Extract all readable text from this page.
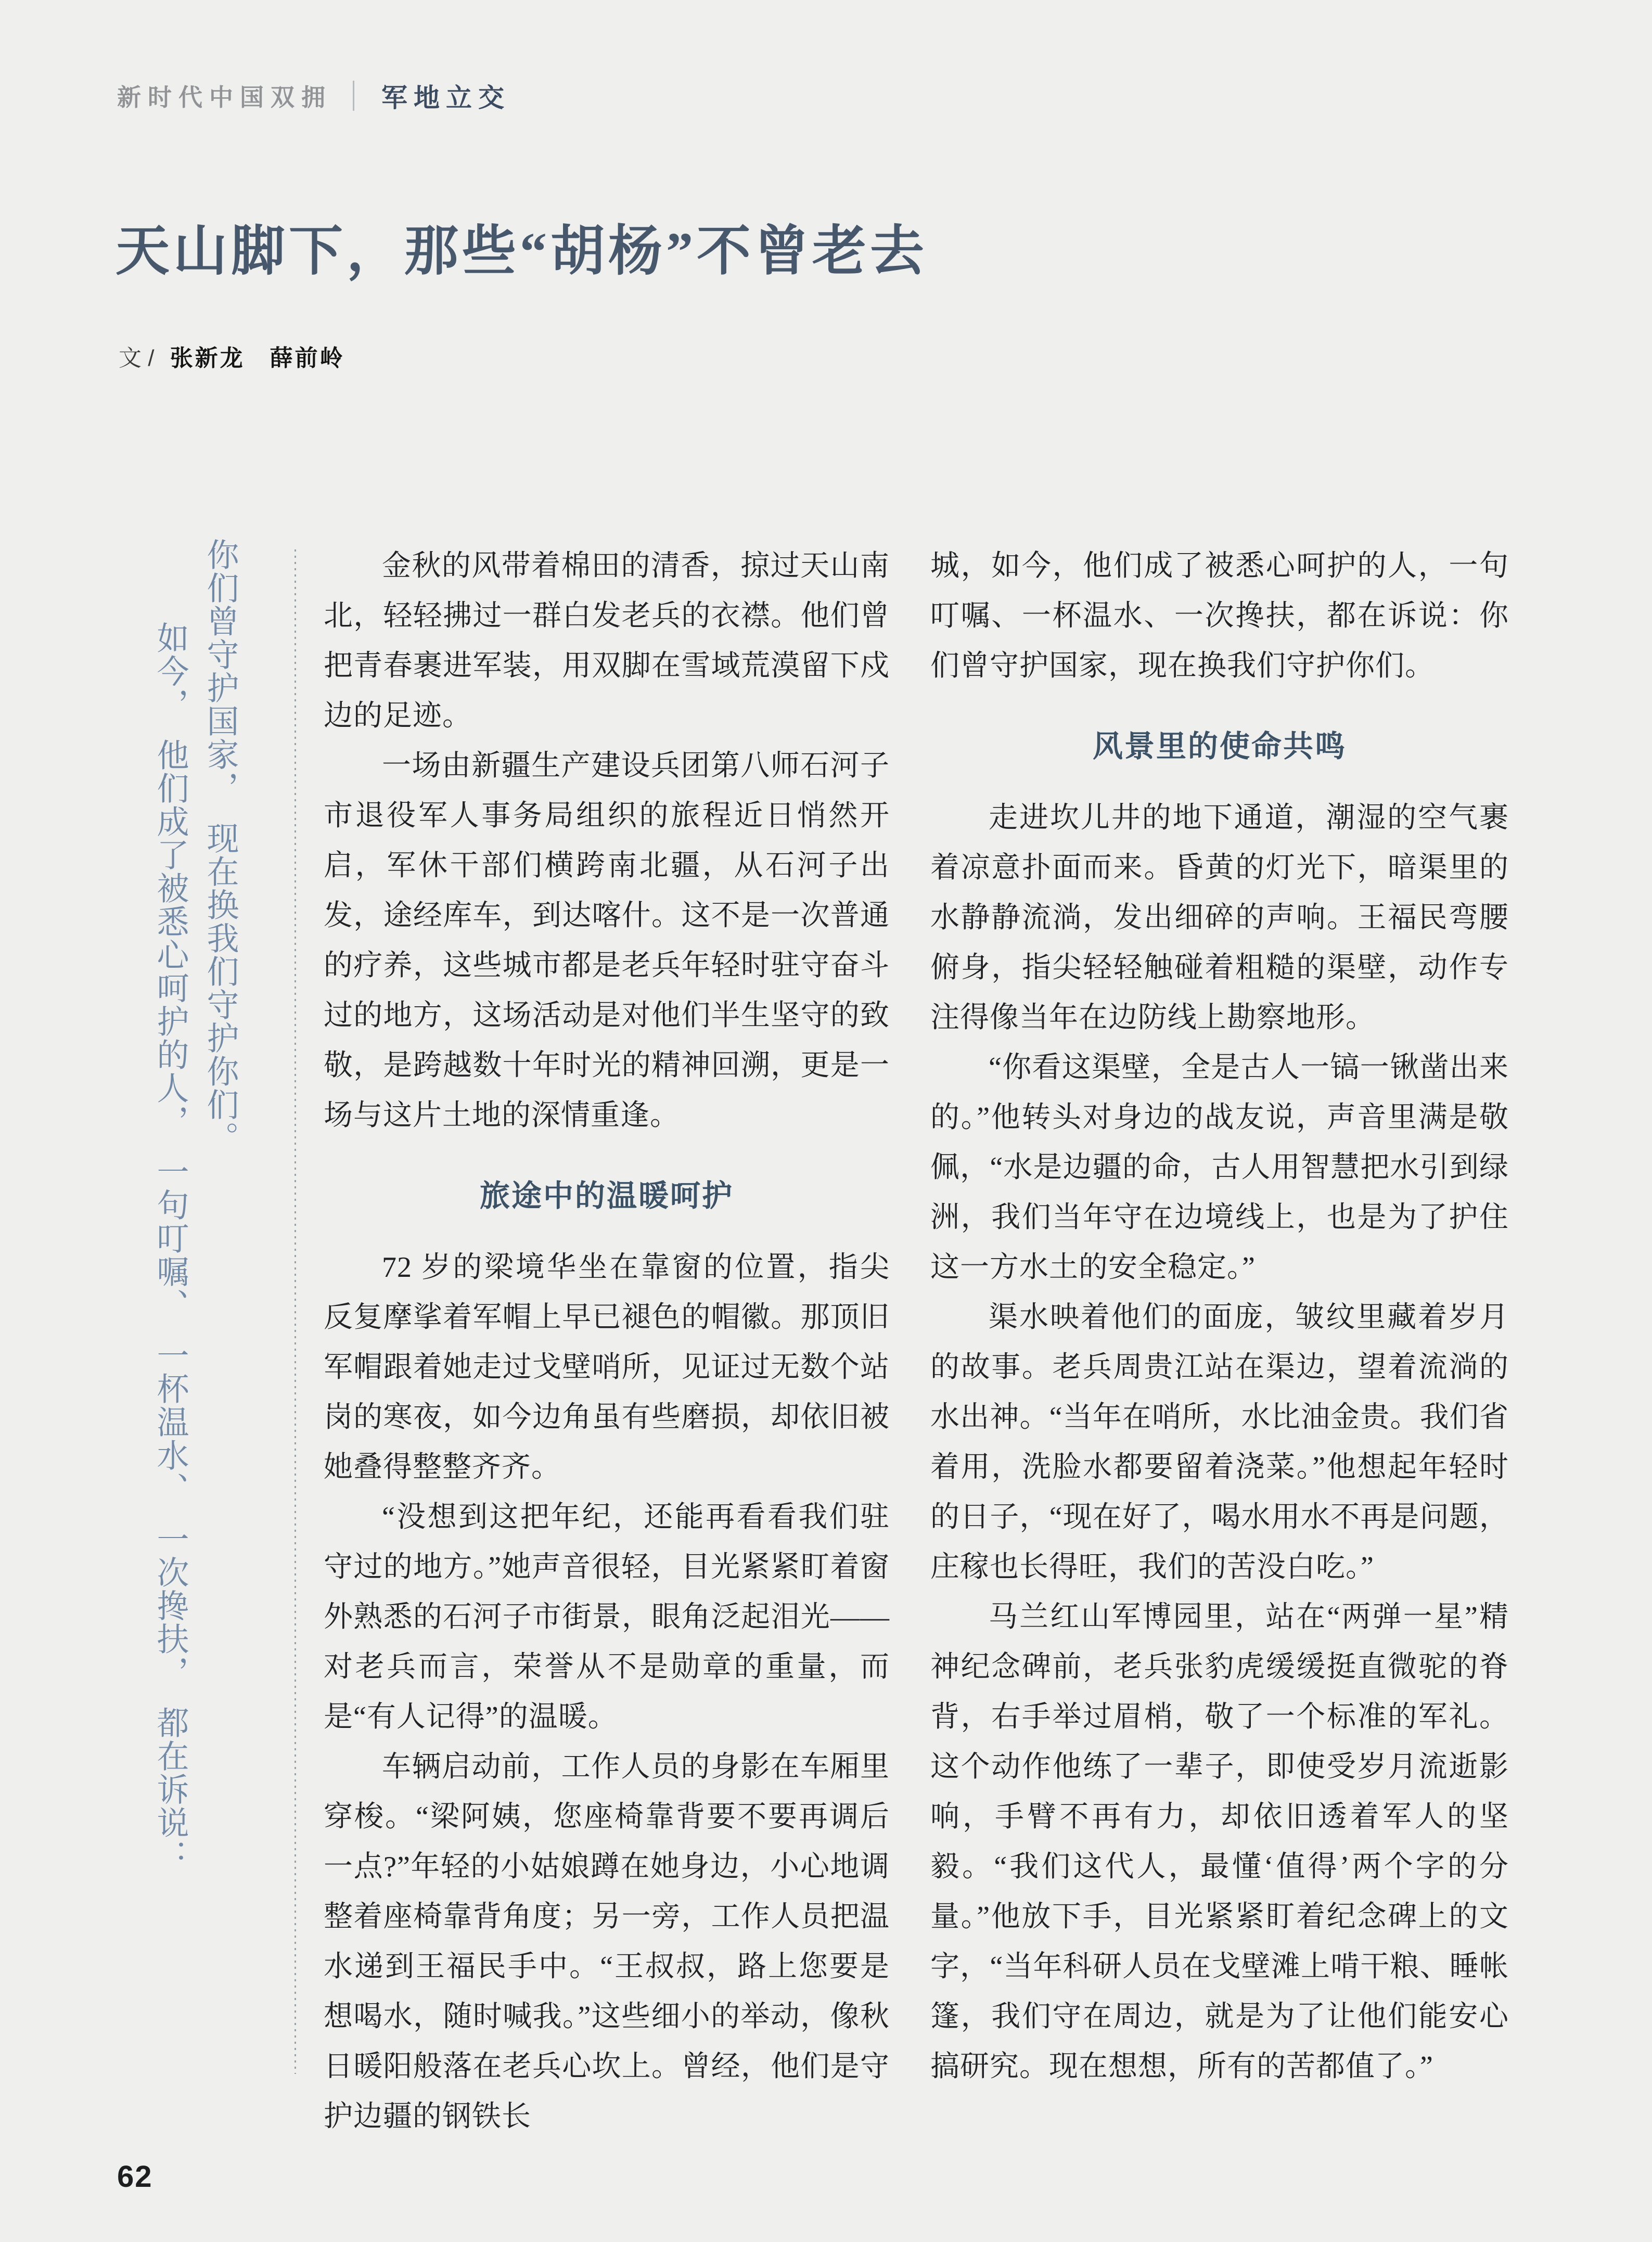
新时代中国双拥 军地立交
天山脚下，那些“胡杨”不曾老去
文 / 张新龙　薛前岭
你们曾守护国家，　现在换我们守护你们。
如今，　他们成了被悉心呵护的人，　一句叮嘱、　一杯温水、　一次搀扶，　都在诉说：

金秋的风带着棉田的清香，掠过天山南北，轻轻拂过一群白发老兵的衣襟。他们曾把青春裹进军装，用双脚在雪域荒漠留下戍边的足迹。

一场由新疆生产建设兵团第八师石河子市退役军人事务局组织的旅程近日悄然开启，军休干部们横跨南北疆，从石河子出发，途经库车，到达喀什。这不是一次普通的疗养，这些城市都是老兵年轻时驻守奋斗过的地方，这场活动是对他们半生坚守的致敬，是跨越数十年时光的精神回溯，更是一场与这片土地的深情重逢。

旅途中的温暖呵护

72 岁的梁境华坐在靠窗的位置，指尖反复摩挲着军帽上早已褪色的帽徽。那顶旧军帽跟着她走过戈壁哨所，见证过无数个站岗的寒夜，如今边角虽有些磨损，却依旧被她叠得整整齐齐。

“没想到这把年纪，还能再看看我们驻守过的地方。”她声音很轻，目光紧紧盯着窗外熟悉的石河子市街景，眼角泛起泪光——对老兵而言，荣誉从不是勋章的重量，而是“有人记得”的温暖。

车辆启动前，工作人员的身影在车厢里穿梭。“梁阿姨，您座椅靠背要不要再调后一点?”年轻的小姑娘蹲在她身边，小心地调整着座椅靠背角度；另一旁，工作人员把温水递到王福民手中。“王叔叔，路上您要是想喝水，随时喊我。”这些细小的举动，像秋日暖阳般落在老兵心坎上。曾经，他们是守护边疆的钢铁长

城，如今，他们成了被悉心呵护的人，一句叮嘱、一杯温水、一次搀扶，都在诉说：你们曾守护国家，现在换我们守护你们。

风景里的使命共鸣

走进坎儿井的地下通道，潮湿的空气裹着凉意扑面而来。昏黄的灯光下，暗渠里的水静静流淌，发出细碎的声响。王福民弯腰俯身，指尖轻轻触碰着粗糙的渠壁，动作专注得像当年在边防线上勘察地形。

“你看这渠壁，全是古人一镐一锹凿出来的。”他转头对身边的战友说，声音里满是敬佩，“水是边疆的命，古人用智慧把水引到绿洲，我们当年守在边境线上，也是为了护住这一方水土的安全稳定。”

渠水映着他们的面庞，皱纹里藏着岁月的故事。老兵周贵江站在渠边，望着流淌的水出神。“当年在哨所，水比油金贵。我们省着用，洗脸水都要留着浇菜。”他想起年轻时的日子，“现在好了，喝水用水不再是问题，庄稼也长得旺，我们的苦没白吃。”

马兰红山军博园里，站在“两弹一星”精神纪念碑前，老兵张豹虎缓缓挺直微驼的脊背，右手举过眉梢，敬了一个标准的军礼。这个动作他练了一辈子，即使受岁月流逝影响，手臂不再有力，却依旧透着军人的坚毅。“我们这代人，最懂‘值得’两个字的分量。”他放下手，目光紧紧盯着纪念碑上的文字，“当年科研人员在戈壁滩上啃干粮、睡帐篷，我们守在周边，就是为了让他们能安心搞研究。现在想想，所有的苦都值了。”

62
